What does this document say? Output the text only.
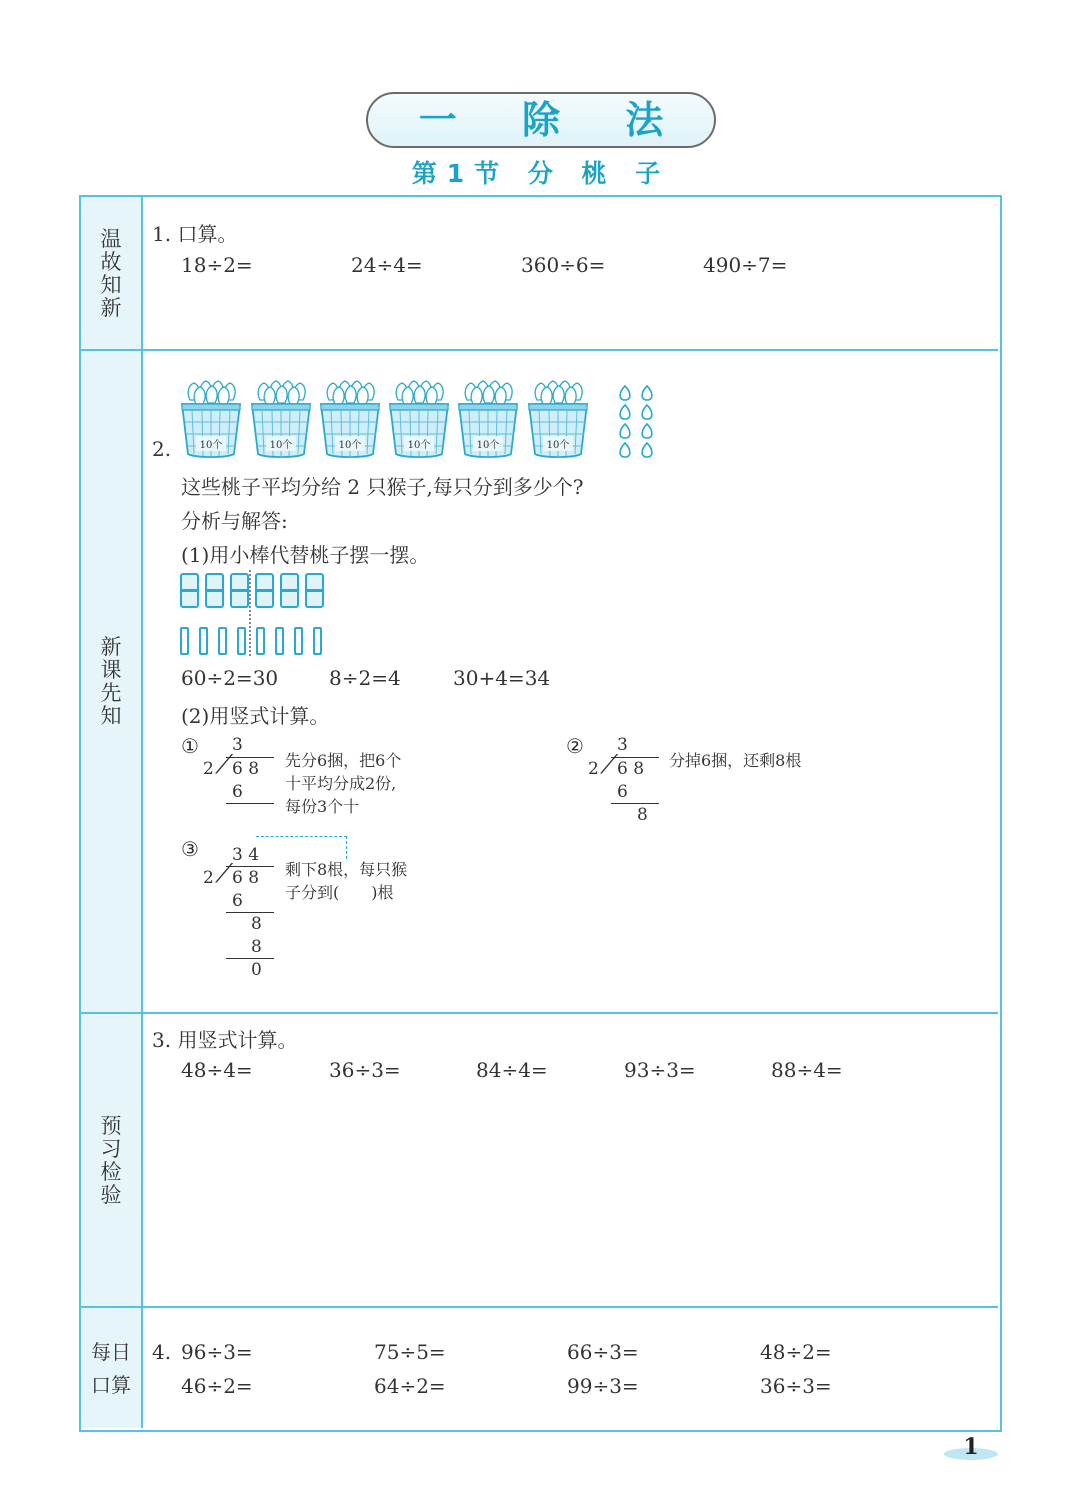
一 除 法
第1节 分 桃 子
温故知新
新课先知
预习检验
每日
口算
1. 口算。
18÷2=	24÷4=	360÷6=	490÷7=
2.	10个	10个	10个	10个	10个	10个
这些桃子平均分给 2 只猴子,每只分到多少个?
分析与解答:
(1)用小棒代替桃子摆一摆。
60÷2=30	8÷2=4	30+4=34
(2)用竖式计算。
① 3
⟋
2 6 8
6
先分6捆，把6个
十平均分成2份,
每份3个十
② 3
⟋
2 6 8
6
8
分掉6捆，还剩8根
③ 3 4
⟋
2 6 8
6
8
8
0
剩下8根，每只猴
子分到(　　)根
3. 用竖式计算。
48÷4=	36÷3=	84÷4=	93÷3=	88÷4=
4. 96÷3=	75÷5=	66÷3=	48÷2=
46÷2=	64÷2=	99÷3=	36÷3=
1
